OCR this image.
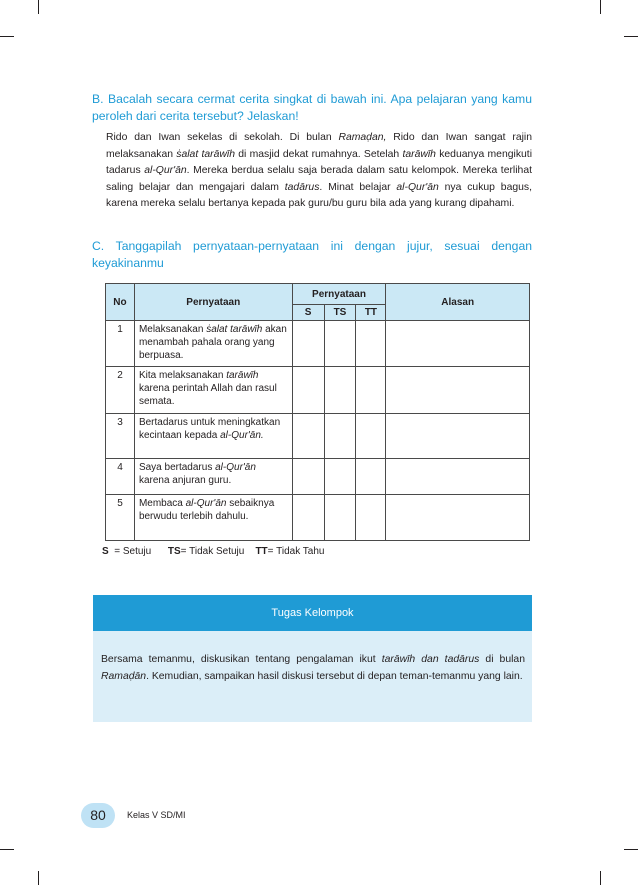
B. Bacalah secara cermat cerita singkat di bawah ini. Apa pelajaran yang kamu peroleh dari cerita tersebut? Jelaskan!
Rido dan Iwan sekelas di sekolah. Di bulan Ramaḍan, Rido dan Iwan sangat rajin melaksanakan ṡalat tarāwīh di masjid dekat rumahnya. Setelah tarāwīh keduanya mengikuti tadarus al-Qur'ān. Mereka berdua selalu saja berada dalam satu kelompok. Mereka terlihat saling belajar dan mengajari dalam tadārus. Minat belajar al-Qur'ān nya cukup bagus, karena mereka selalu bertanya kepada pak guru/bu guru bila ada yang kurang dipahami.
C. Tanggapilah pernyataan-pernyataan ini dengan jujur, sesuai dengan keyakinanmu
No	Pernyataan	Pernyataan			Alasan
		S	TS	TT	
1	Melaksanakan ṡalat tarāwīh akan menambah pahala orang yang berpuasa.				
2	Kita melaksanakan tarāwīh karena perintah Allah dan rasul semata.				
3	Bertadarus untuk meningkatkan kecintaan kepada al-Qur'ān.				
4	Saya bertadarus al-Qur'ān karena anjuran guru.				
5	Membaca al-Qur'ān sebaiknya berwudu terlebih dahulu.				
S = Setuju TS= Tidak Setuju TT= Tidak Tahu
Tugas Kelompok
Bersama temanmu, diskusikan tentang pengalaman ikut tarāwīh dan tadārus di bulan Ramaḍān. Kemudian, sampaikan hasil diskusi tersebut di depan teman-temanmu yang lain.
80	Kelas V SD/MI
